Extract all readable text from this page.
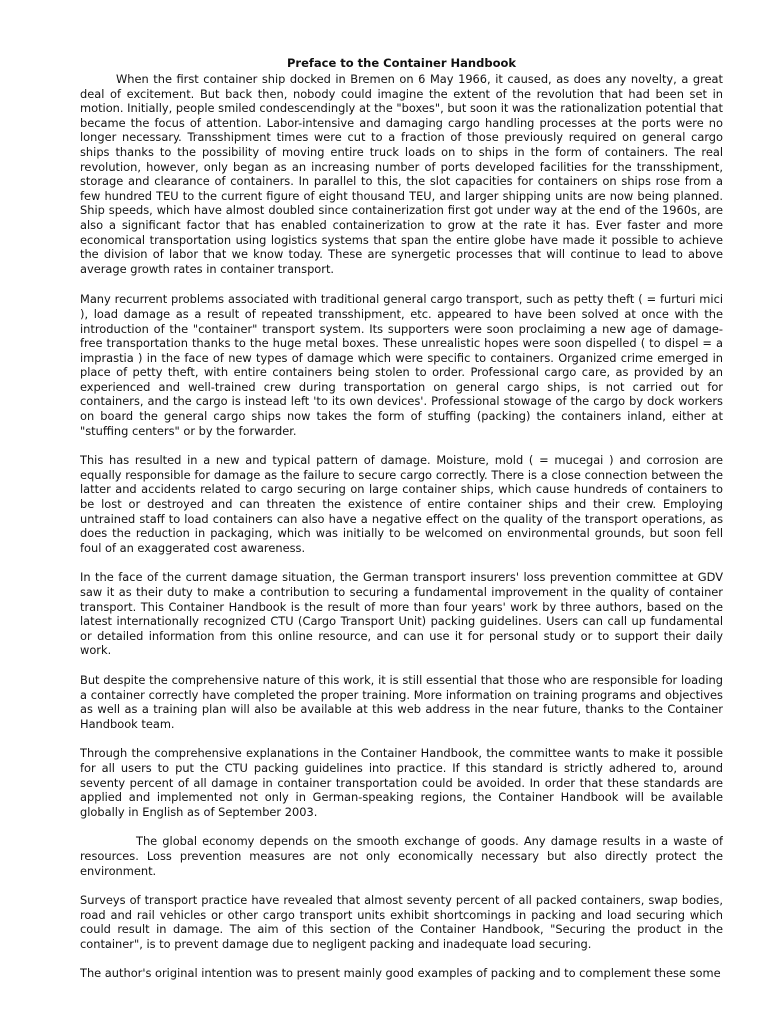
Preface to the Container Handbook

When the first container ship docked in Bremen on 6 May 1966, it caused, as does any novelty, a great deal of excitement. But back then, nobody could imagine the extent of the revolution that had been set in motion. Initially, people smiled condescendingly at the "boxes", but soon it was the rationalization potential that became the focus of attention. Labor-intensive and damaging cargo handling processes at the ports were no longer necessary. Transshipment times were cut to a fraction of those previously required on general cargo ships thanks to the possibility of moving entire truck loads on to ships in the form of containers. The real revolution, however, only began as an increasing number of ports developed facilities for the transshipment, storage and clearance of containers. In parallel to this, the slot capacities for containers on ships rose from a few hundred TEU to the current figure of eight thousand TEU, and larger shipping units are now being planned. Ship speeds, which have almost doubled since containerization first got under way at the end of the 1960s, are also a significant factor that has enabled containerization to grow at the rate it has. Ever faster and more economical transportation using logistics systems that span the entire globe have made it possible to achieve the division of labor that we know today. These are synergetic processes that will continue to lead to above average growth rates in container transport.

Many recurrent problems associated with traditional general cargo transport, such as petty theft ( = furturi mici ), load damage as a result of repeated transshipment, etc. appeared to have been solved at once with the introduction of the "container" transport system. Its supporters were soon proclaiming a new age of damage-free transportation thanks to the huge metal boxes. These unrealistic hopes were soon dispelled ( to dispel = a imprastia ) in the face of new types of damage which were specific to containers. Organized crime emerged in place of petty theft, with entire containers being stolen to order. Professional cargo care, as provided by an experienced and well-trained crew during transportation on general cargo ships, is not carried out for containers, and the cargo is instead left 'to its own devices'. Professional stowage of the cargo by dock workers on board the general cargo ships now takes the form of stuffing (packing) the containers inland, either at "stuffing centers" or by the forwarder.

This has resulted in a new and typical pattern of damage. Moisture, mold ( = mucegai ) and corrosion are equally responsible for damage as the failure to secure cargo correctly. There is a close connection between the latter and accidents related to cargo securing on large container ships, which cause hundreds of containers to be lost or destroyed and can threaten the existence of entire container ships and their crew. Employing untrained staff to load containers can also have a negative effect on the quality of the transport operations, as does the reduction in packaging, which was initially to be welcomed on environmental grounds, but soon fell foul of an exaggerated cost awareness.

In the face of the current damage situation, the German transport insurers' loss prevention committee at GDV saw it as their duty to make a contribution to securing a fundamental improvement in the quality of container transport. This Container Handbook is the result of more than four years' work by three authors, based on the latest internationally recognized CTU (Cargo Transport Unit) packing guidelines. Users can call up fundamental or detailed information from this online resource, and can use it for personal study or to support their daily work.

But despite the comprehensive nature of this work, it is still essential that those who are responsible for loading a container correctly have completed the proper training. More information on training programs and objectives as well as a training plan will also be available at this web address in the near future, thanks to the Container Handbook team.

Through the comprehensive explanations in the Container Handbook, the committee wants to make it possible for all users to put the CTU packing guidelines into practice. If this standard is strictly adhered to, around seventy percent of all damage in container transportation could be avoided. In order that these standards are applied and implemented not only in German-speaking regions, the Container Handbook will be available globally in English as of September 2003.

The global economy depends on the smooth exchange of goods. Any damage results in a waste of resources. Loss prevention measures are not only economically necessary but also directly protect the environment.

Surveys of transport practice have revealed that almost seventy percent of all packed containers, swap bodies, road and rail vehicles or other cargo transport units exhibit shortcomings in packing and load securing which could result in damage. The aim of this section of the Container Handbook, "Securing the product in the container", is to prevent damage due to negligent packing and inadequate load securing.

The author's original intention was to present mainly good examples of packing and to complement these some
